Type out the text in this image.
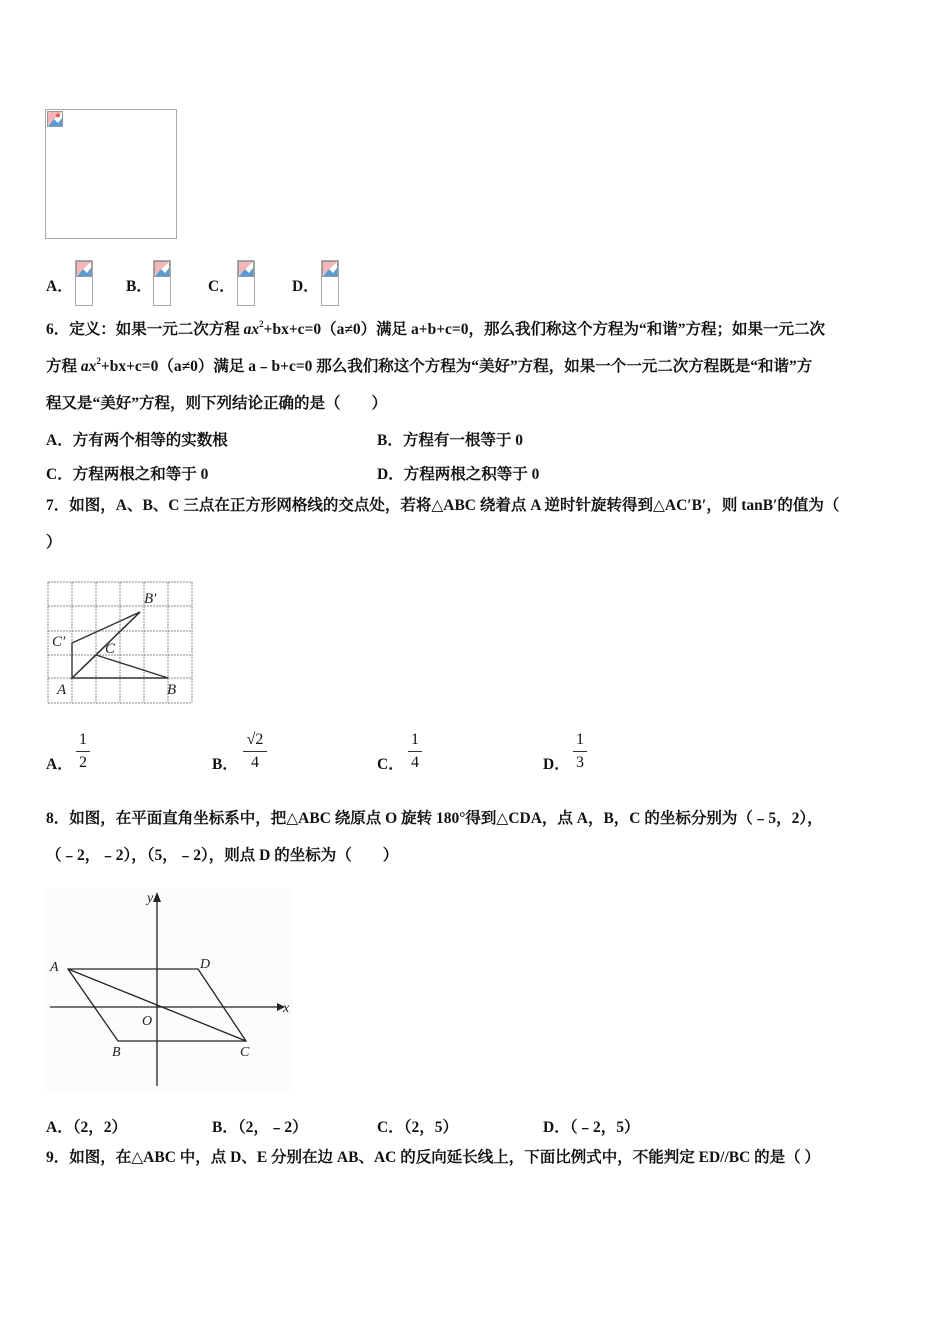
A．	B．	C．	D．
6．定义：如果一元二次方程 $ax^2+bx+c=0(a\ne 0)$满足 a+b+c=0，那么我们称这个方程为“和谐”方程；如果一元二次
方程 $ax^2+bx+c=0(a\ne 0)$满足 a﹣b+c=0 那么我们称这个方程为“美好”方程，如果一个一元二次方程既是“和谐”方
程又是“美好”方程，则下列结论正确的是（　　）
A．方有两个相等的实数根	B．方程有一根等于 0
C．方程两根之和等于 0	D．方程两根之积等于 0
7．如图，A、B、C 三点在正方形网格线的交点处，若将△ABC 绕着点 A 逆时针旋转得到△AC′B′，则 tanB′的值为（
）
B′
C′	C
A	B
A．
1
2	B．
√2
4	C．
1
4	D．
1
3
8．如图，在平面直角坐标系中，把△ABC 绕原点 O 旋转 180°得到△CDA，点 A，B，C 的坐标分别为（﹣5，2），
（﹣2，﹣2），（5，﹣2），则点 D 的坐标为（　　）
y
x
A	D
O
B	C
A．（2，2）	B．（2，﹣2）	C．（2，5）	D．（﹣2，5）
9．如图，在△ABC 中，点 D、E 分别在边 AB、AC 的反向延长线上，下面比例式中，不能判定 ED//BC 的是（ ）
